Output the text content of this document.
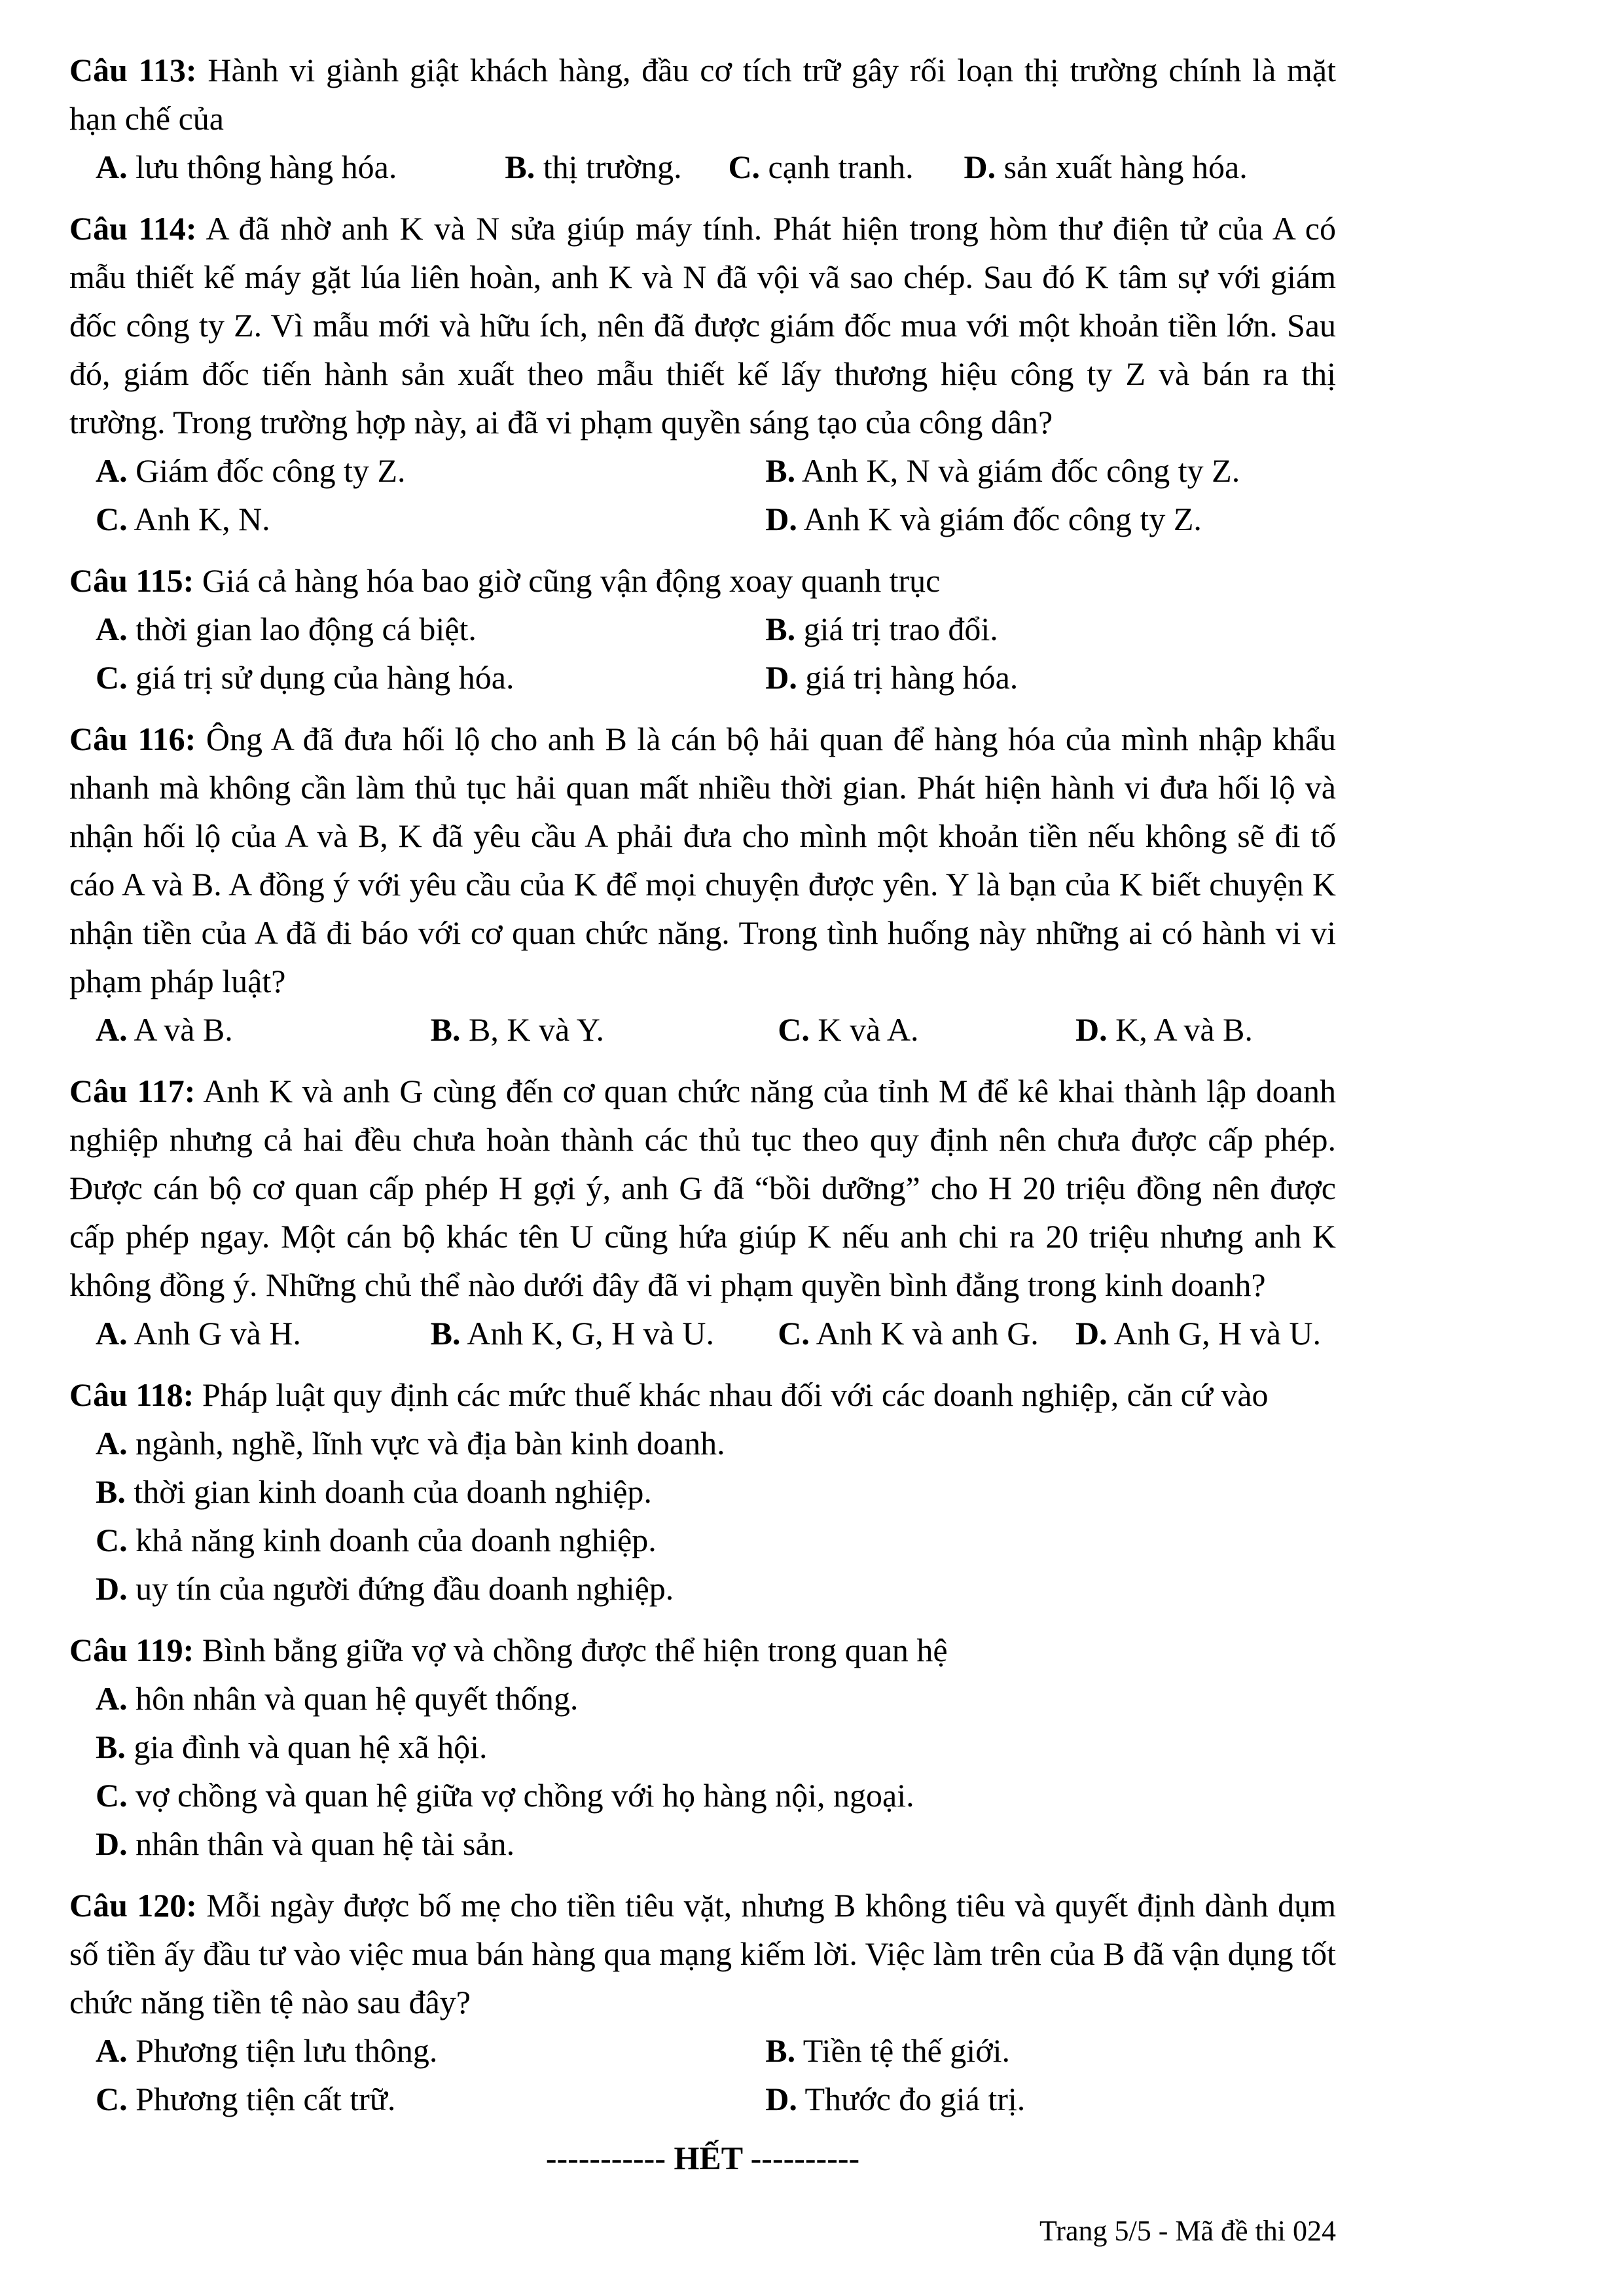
Câu 113: Hành vi giành giật khách hàng, đầu cơ tích trữ gây rối loạn thị trường chính là mặt hạn chế của

A. lưu thông hàng hóa.	B. thị trường.	C. cạnh tranh.	D. sản xuất hàng hóa.

Câu 114: A đã nhờ anh K và N sửa giúp máy tính. Phát hiện trong hòm thư điện tử của A có mẫu thiết kế máy gặt lúa liên hoàn, anh K và N đã vội vã sao chép. Sau đó K tâm sự với giám đốc công ty Z. Vì mẫu mới và hữu ích, nên đã được giám đốc mua với một khoản tiền lớn. Sau đó, giám đốc tiến hành sản xuất theo mẫu thiết kế lấy thương hiệu công ty Z và bán ra thị trường. Trong trường hợp này, ai đã vi phạm quyền sáng tạo của công dân?

A. Giám đốc công ty Z.	B. Anh K, N và giám đốc công ty Z.
C. Anh K, N.	D. Anh K và giám đốc công ty Z.

Câu 115: Giá cả hàng hóa bao giờ cũng vận động xoay quanh trục

A. thời gian lao động cá biệt.	B. giá trị trao đổi.
C. giá trị sử dụng của hàng hóa.	D. giá trị hàng hóa.

Câu 116: Ông A đã đưa hối lộ cho anh B là cán bộ hải quan để hàng hóa của mình nhập khẩu nhanh mà không cần làm thủ tục hải quan mất nhiều thời gian. Phát hiện hành vi đưa hối lộ và nhận hối lộ của A và B, K đã yêu cầu A phải đưa cho mình một khoản tiền nếu không sẽ đi tố cáo A và B. A đồng ý với yêu cầu của K để mọi chuyện được yên. Y là bạn của K biết chuyện K nhận tiền của A đã đi báo với cơ quan chức năng. Trong tình huống này những ai có hành vi vi phạm pháp luật?

A. A và B.	B. B, K và Y.	C. K và A.	D. K, A và B.

Câu 117: Anh K và anh G cùng đến cơ quan chức năng của tỉnh M để kê khai thành lập doanh nghiệp nhưng cả hai đều chưa hoàn thành các thủ tục theo quy định nên chưa được cấp phép. Được cán bộ cơ quan cấp phép H gợi ý, anh G đã “bồi dưỡng” cho H 20 triệu đồng nên được cấp phép ngay. Một cán bộ khác tên U cũng hứa giúp K nếu anh chi ra 20 triệu nhưng anh K không đồng ý. Những chủ thể nào dưới đây đã vi phạm quyền bình đẳng trong kinh doanh?

A. Anh G và H.	B. Anh K, G, H và U.	C. Anh K và anh G.	D. Anh G, H và U.

Câu 118: Pháp luật quy định các mức thuế khác nhau đối với các doanh nghiệp, căn cứ vào

A. ngành, nghề, lĩnh vực và địa bàn kinh doanh.
B. thời gian kinh doanh của doanh nghiệp.
C. khả năng kinh doanh của doanh nghiệp.
D. uy tín của người đứng đầu doanh nghiệp.

Câu 119: Bình bẳng giữa vợ và chồng được thể hiện trong quan hệ

A. hôn nhân và quan hệ quyết thống.
B. gia đình và quan hệ xã hội.
C. vợ chồng và quan hệ giữa vợ chồng với họ hàng nội, ngoại.
D. nhân thân và quan hệ tài sản.

Câu 120: Mỗi ngày được bố mẹ cho tiền tiêu vặt, nhưng B không tiêu và quyết định dành dụm số tiền ấy đầu tư vào việc mua bán hàng qua mạng kiếm lời. Việc làm trên của B đã vận dụng tốt chức năng tiền tệ nào sau đây?

A. Phương tiện lưu thông.	B. Tiền tệ thế giới.
C. Phương tiện cất trữ.	D. Thước đo giá trị.
----------- HẾT ----------
Trang 5/5 - Mã đề thi 024
